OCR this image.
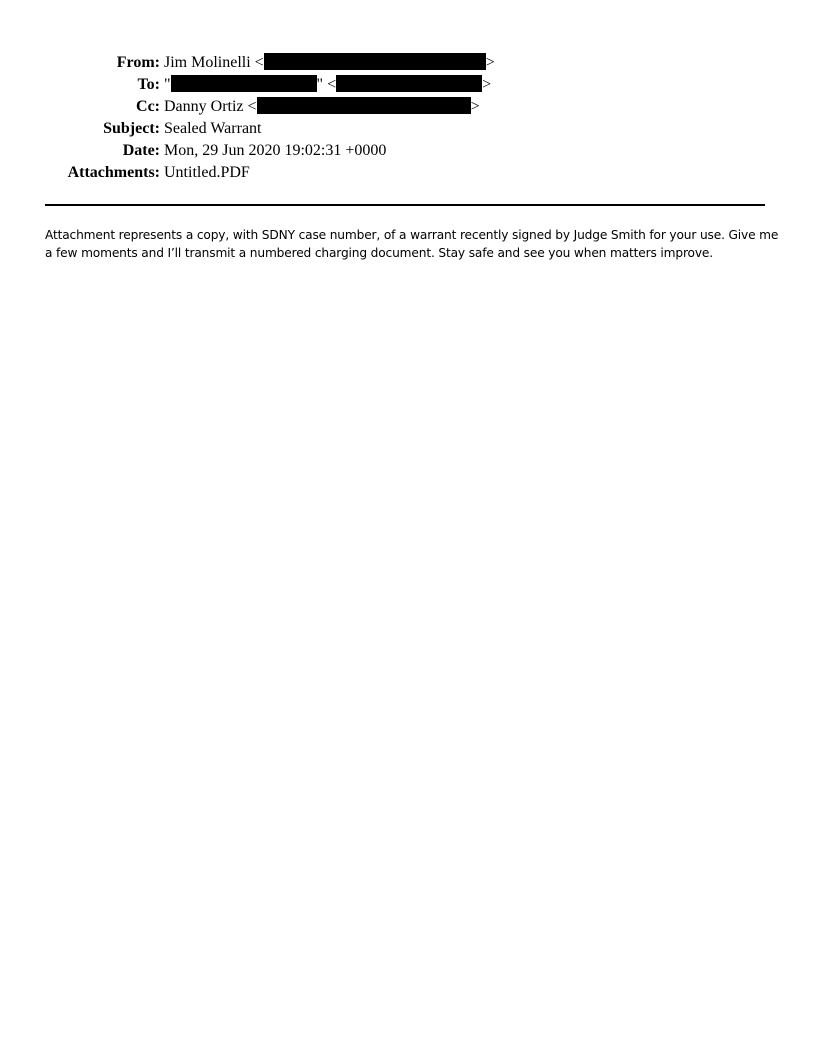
From: Jim Molinelli <	>
To: "	" <	>
Cc: Danny Ortiz <	>
Subject: Sealed Warrant
Date: Mon, 29 Jun 2020 19:02:31 +0000
Attachments: Untitled.PDF
Attachment represents a copy, with SDNY case number, of a warrant recently signed by Judge Smith for your use. Give me
a few moments and I’ll transmit a numbered charging document. Stay safe and see you when matters improve.
